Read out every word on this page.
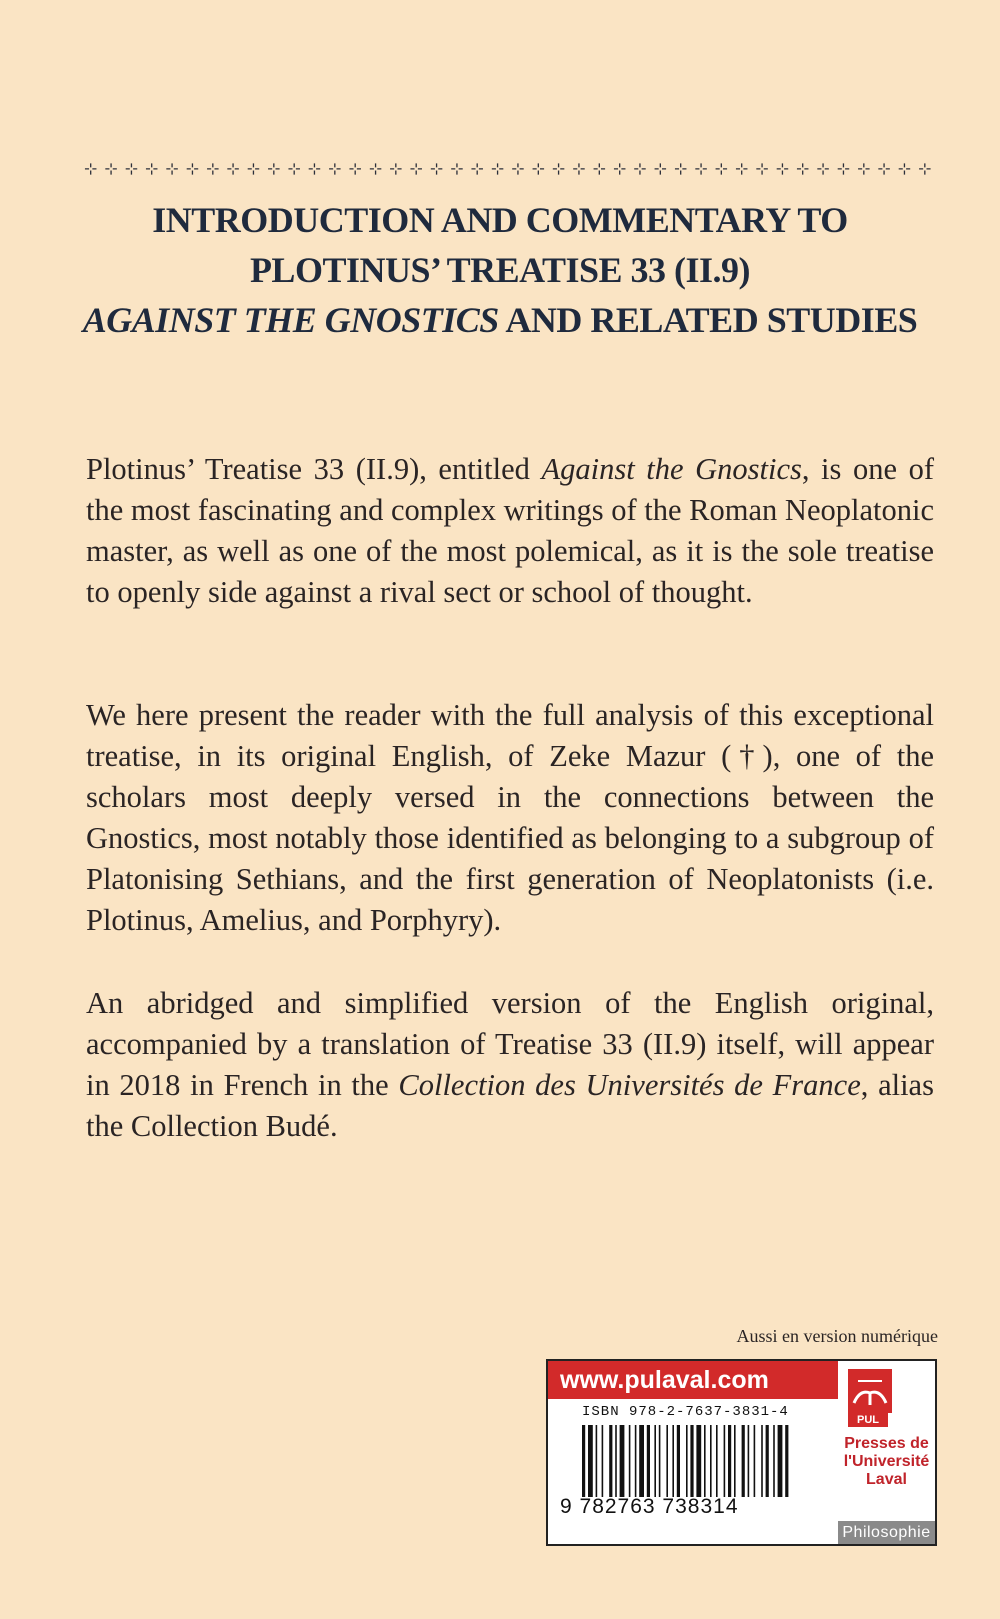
⊹ ⊹ ⊹ ⊹ ⊹ ⊹ ⊹ ⊹ ⊹ ⊹ ⊹ ⊹ ⊹ ⊹ ⊹ ⊹ ⊹ ⊹ ⊹ ⊹ ⊹ ⊹ ⊹ ⊹ ⊹ ⊹ ⊹ ⊹ ⊹ ⊹ ⊹ ⊹ ⊹ ⊹ ⊹ ⊹ ⊹ ⊹ ⊹ ⊹ ⊹ ⊹
INTRODUCTION AND COMMENTARY TO
PLOTINUS’ TREATISE 33 (II.9)
AGAINST THE GNOSTICS AND RELATED STUDIES
Plotinus’ Treatise 33 (II.9), entitled Against the Gnostics, is one of the most fascinating and complex writings of the Roman Neoplatonic master, as well as one of the most polemical, as it is the sole treatise to openly side against a rival sect or school of thought.
We here present the reader with the full analysis of this exceptional treatise, in its original English, of Zeke Mazur (†), one of the scholars most deeply versed in the connections between the Gnostics, most notably those identified as belonging to a subgroup of Platonising Sethians, and the first generation of Neoplatonists (i.e. Plotinus, Amelius, and Porphyry).
An abridged and simplified version of the English original, accompanied by a translation of Treatise 33 (II.9) itself, will appear in 2018 in French in the Collection des Universités de France, alias the Collection Budé.
Aussi en version numérique
www.pulaval.com
ISBN 978-2-7637-3831-4
9 782763 738314
PUL
Presses de
l'Université
Laval
Philosophie
